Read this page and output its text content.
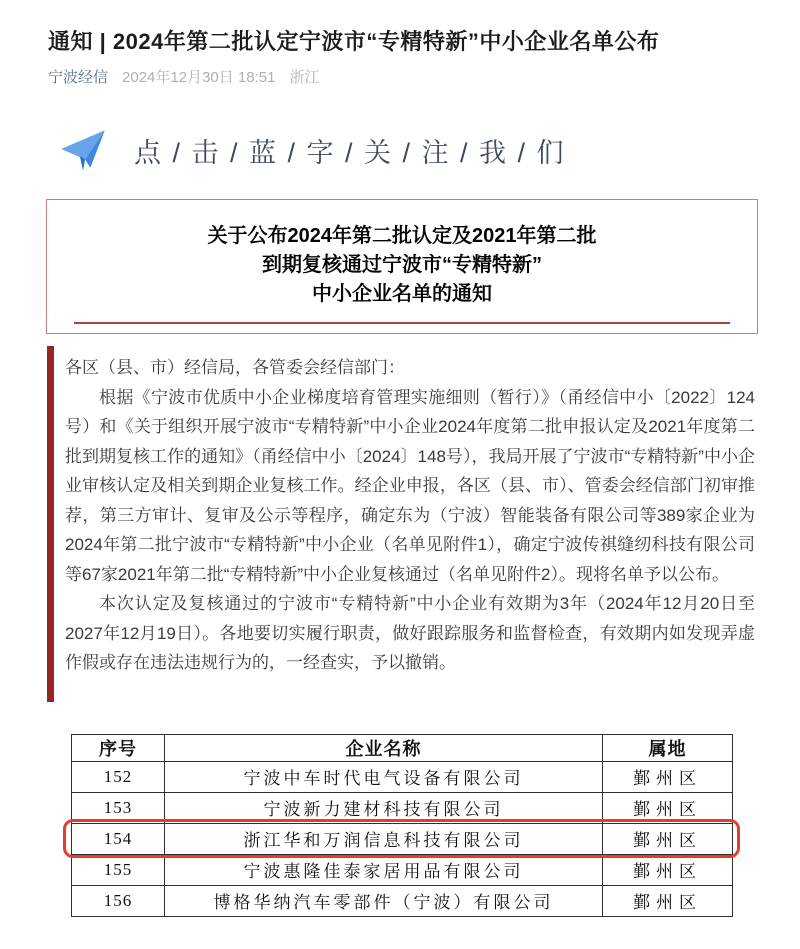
通知 | 2024年第二批认定宁波市“专精特新”中小企业名单公布
宁波经信 2024年12月30日 18:51 浙江
点 / 击 / 蓝 / 字 / 关 / 注 / 我 / 们
关于公布2024年第二批认定及2021年第二批
到期复核通过宁波市“专精特新”
中小企业名单的通知

各区（县、市）经信局，各管委会经信部门：

根据《宁波市优质中小企业梯度培育管理实施细则（暂行）》（甬经信中小〔2022〕124号）和《关于组织开展宁波市“专精特新”中小企业2024年度第二批申报认定及2021年度第二批到期复核工作的通知》（甬经信中小〔2024〕148号），我局开展了宁波市“专精特新”中小企业审核认定及相关到期企业复核工作。经企业申报，各区（县、市）、管委会经信部门初审推荐，第三方审计、复审及公示等程序，确定东为（宁波）智能装备有限公司等389家企业为2024年第二批宁波市“专精特新”中小企业（名单见附件1），确定宁波传祺缝纫科技有限公司等67家2021年第二批“专精特新”中小企业复核通过（名单见附件2）。现将名单予以公布。

本次认定及复核通过的宁波市“专精特新”中小企业有效期为3年（2024年12月20日至2027年12月19日）。各地要切实履行职责，做好跟踪服务和监督检查，有效期内如发现弄虚作假或存在违法违规行为的，一经查实，予以撤销。

序号	企业名称	属地
152	宁波中车时代电气设备有限公司	鄞州区
153	宁波新力建材科技有限公司	鄞州区
154	浙江华和万润信息科技有限公司	鄞州区
155	宁波惠隆佳泰家居用品有限公司	鄞州区
156	博格华纳汽车零部件（宁波）有限公司	鄞州区
